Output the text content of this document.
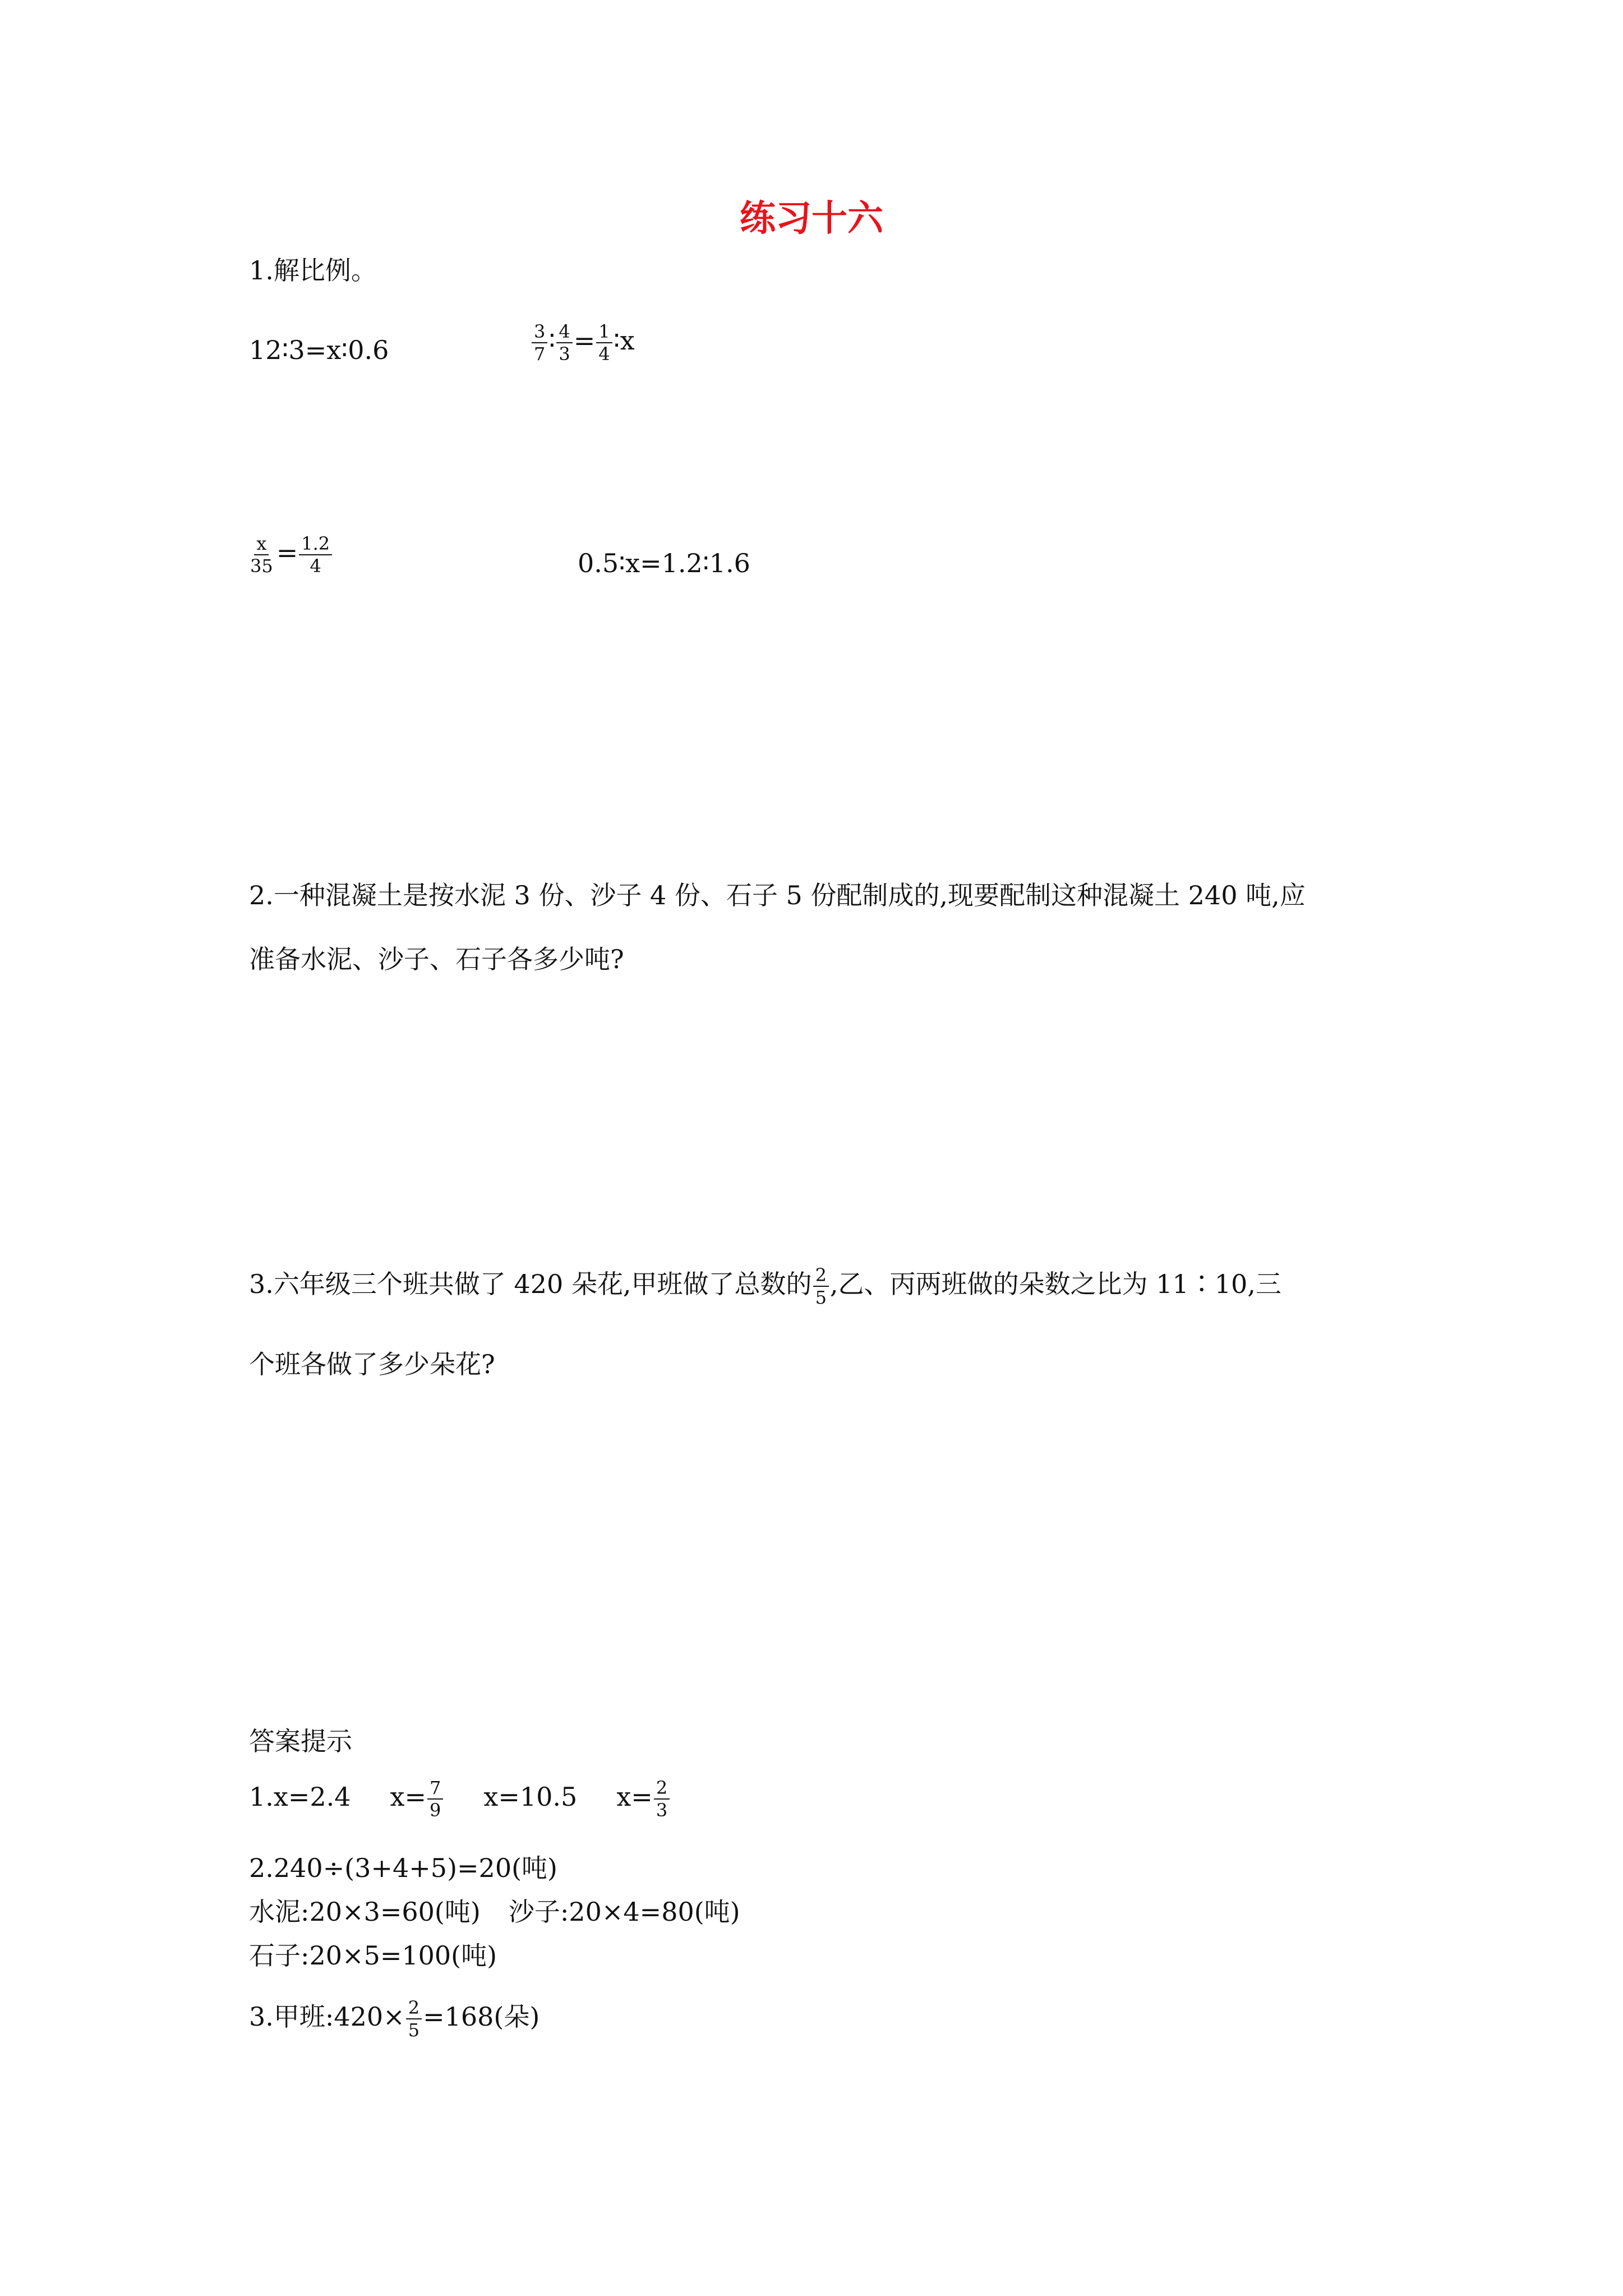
练习十六
1.解比例。
12∶3=x∶0.6	$\frac{3}{7}$ ∶ $\frac{4}{3} = \frac{1}{4}$ ∶x
$\frac{x}{35} = \frac{1.2}{4}$	0.5∶x=1.2∶1.6
2.一种混凝土是按水泥 3 份、沙子 4 份、石子 5 份配制成的,现要配制这种混凝土 240 吨,应
准备水泥、沙子、石子各多少吨?
3.六年级三个班共做了 420 朵花,甲班做了总数的 $\frac{2}{5}$ ,乙、丙两班做的朵数之比为 11∶10,三
个班各做了多少朵花?
答案提示
1.x=2.4 $x= \frac{7}{9} x=10.5$ $x= \frac{2}{3}$
2.240÷(3+4+5)=20(吨)
水泥:20×3=60(吨) 沙子:20×4=80(吨)
石子:20×5=100(吨)
3.甲班:420× $\frac{2}{5} =168$(朵)
